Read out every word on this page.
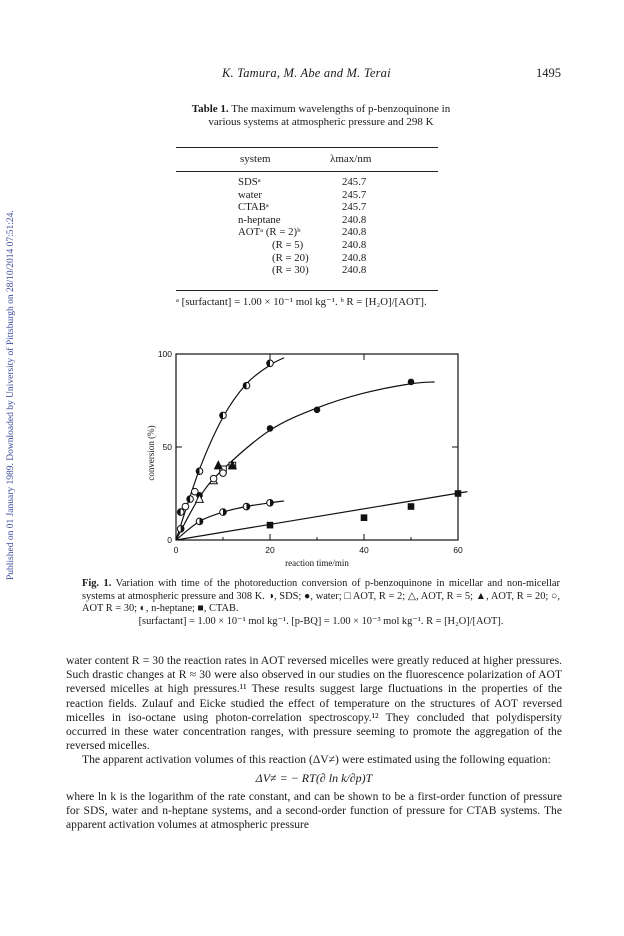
Published on 01 January 1989. Downloaded by University of Pittsburgh on 28/10/2014 07:51:24.
K. Tamura, M. Abe and M. Terai	1495
Table 1. The maximum wavelengths of p-benzoquinone in various systems at atmospheric pressure and 298 K
system	λmax/nm
SDSᵃ	245.7
water	245.7
CTABᵃ	245.7
n-heptane	240.8
AOTᵃ (R = 2)ᵇ	240.8
(R = 5)	240.8
(R = 20)	240.8
(R = 30)	240.8
ᵃ [surfactant] = 1.00 × 10⁻¹ mol kg⁻¹. ᵇ R = [H₂O]/[AOT].
0	20	40	60
0
50
100
reaction time/min
conversion (%)
Fig. 1. Variation with time of the photoreduction conversion of p-benzoquinone in micellar and non-micellar systems at atmospheric pressure and 308 K. ◑, SDS; ●, water; □ AOT, R = 2; △, AOT, R = 5; ▲, AOT, R = 20; ○, AOT R = 30; ◐, n-heptane; ■, CTAB.
[surfactant] = 1.00 × 10⁻¹ mol kg⁻¹. [p-BQ] = 1.00 × 10⁻³ mol kg⁻¹. R = [H₂O]/[AOT].

water content R = 30 the reaction rates in AOT reversed micelles were greatly reduced at higher pressures. Such drastic changes at R ≈ 30 were also observed in our studies on the fluorescence polarization of AOT reversed micelles at high pressures.¹¹ These results suggest large fluctuations in the properties of the reaction fields. Zulauf and Eicke studied the effect of temperature on the structures of AOT reversed micelles in iso-octane using photon-correlation spectroscopy.¹² They concluded that polydispersity occurred in these water concentration ranges, with pressure seeming to promote the aggregation of the reversed micelles.

The apparent activation volumes of this reaction (ΔV≠) were estimated using the following equation:

ΔV≠ = − RT(∂ ln k/∂p)T

where ln k is the logarithm of the rate constant, and can be shown to be a first-order function of pressure for SDS, water and n-heptane systems, and a second-order function of pressure for CTAB systems. The apparent activation volumes at atmospheric pressure
